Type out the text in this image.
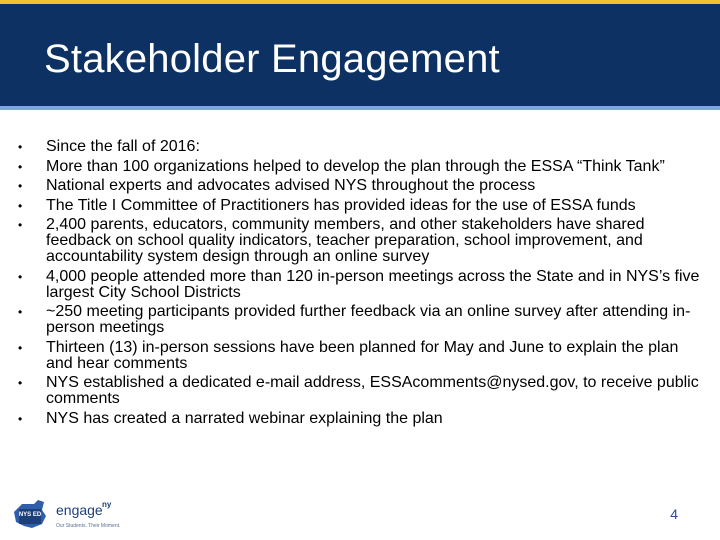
Stakeholder Engagement
•	Since the fall of 2016:
•	More than 100 organizations helped to develop the plan through the ESSA “Think Tank”
•	National experts and advocates advised NYS throughout the process
•	The Title I Committee of Practitioners has provided ideas for the use of ESSA funds
•	2,400 parents, educators, community members, and other stakeholders have shared feedback on school quality indicators, teacher preparation, school improvement, and accountability system design through an online survey
•	4,000 people attended more than 120 in-person meetings across the State and in NYS’s five largest City School Districts
•	~250 meeting participants provided further feedback via an online survey after attending in-person meetings
•	Thirteen (13) in-person sessions have been planned for May and June to explain the plan and hear comments
•	NYS established a dedicated e-mail address, ESSAcomments@nysed.gov, to receive public comments
•	NYS has created a narrated webinar explaining the plan
NYS ED engage ny
Our Students. Their Moment.
4
